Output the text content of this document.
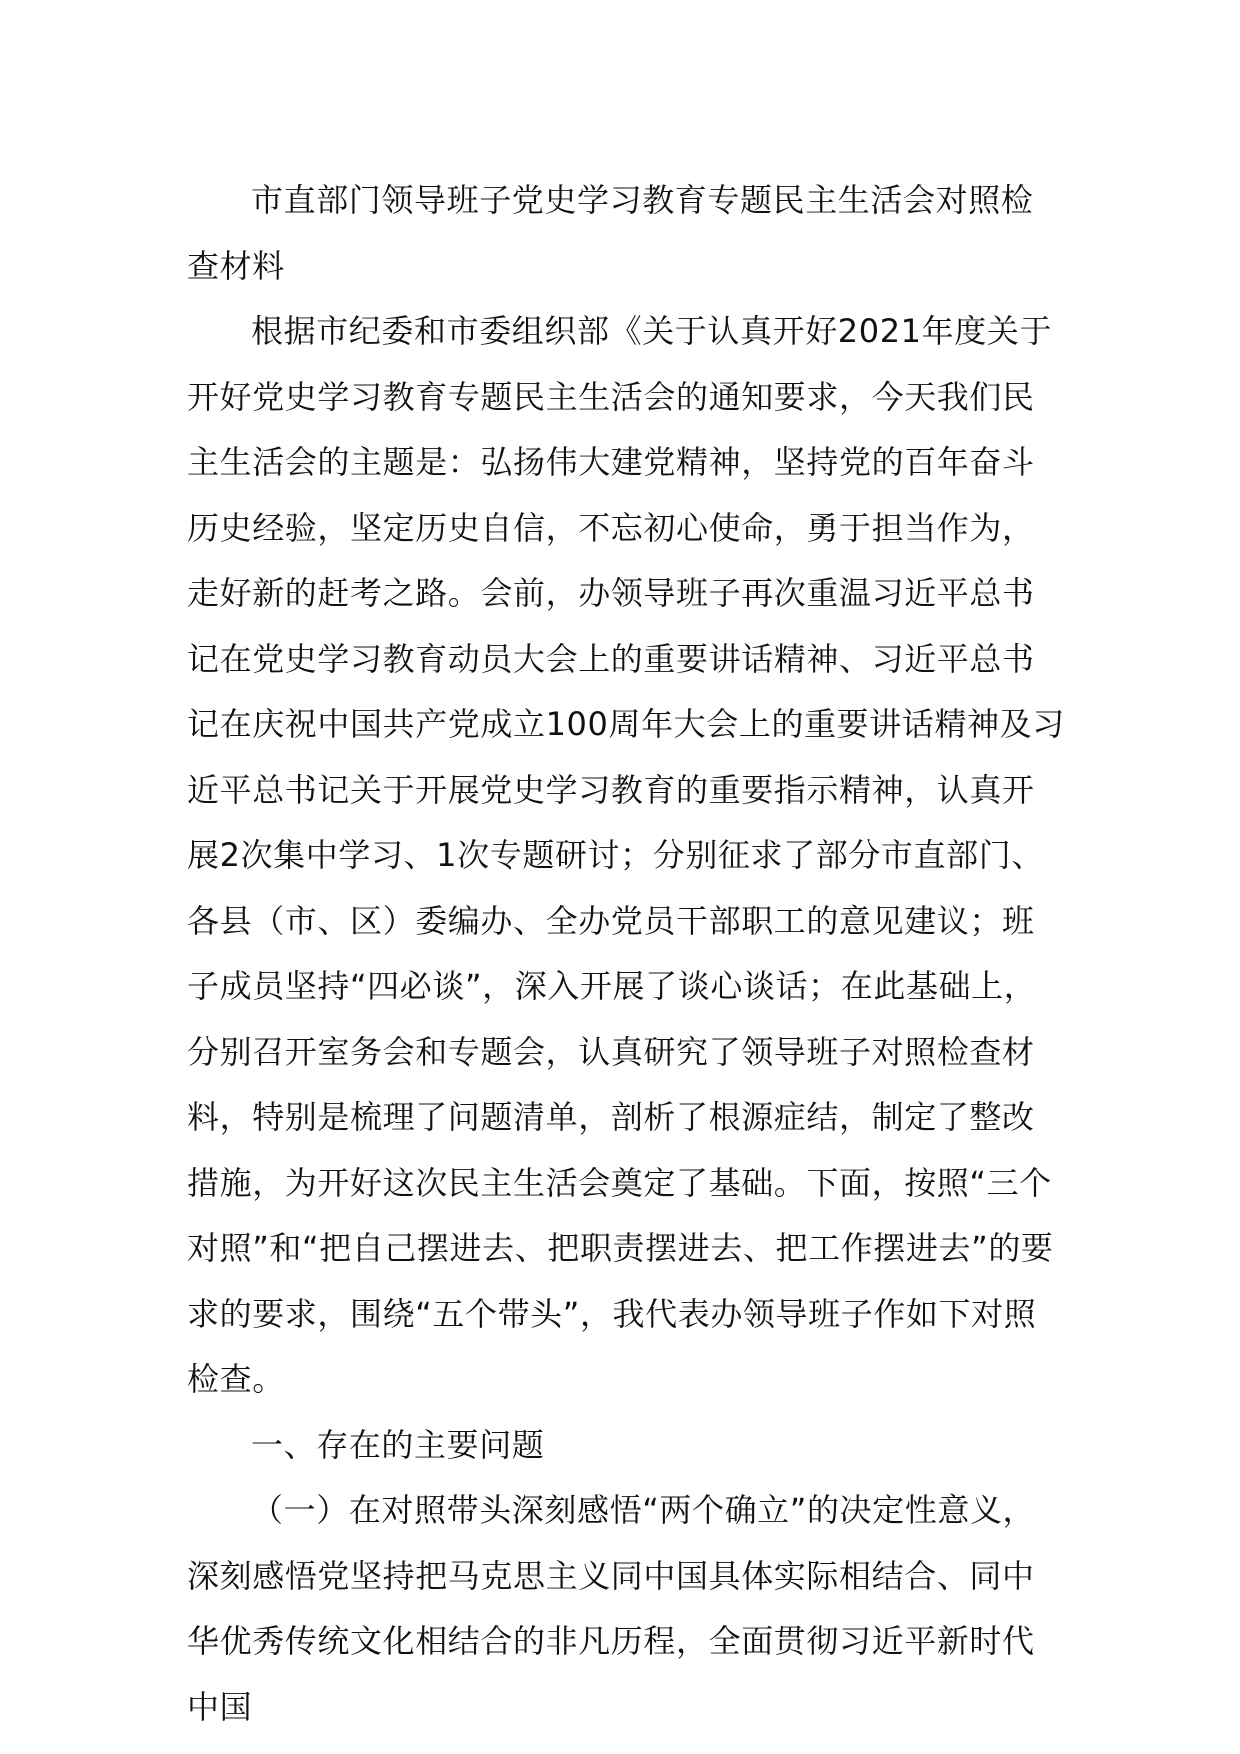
市直部门领导班子党史学习教育专题民主生活会对照检查材料

根据市纪委和市委组织部《关于认真开好2021年度关于开好党史学习教育专题民主生活会的通知要求，今天我们民主生活会的主题是：弘扬伟大建党精神，坚持党的百年奋斗历史经验，坚定历史自信，不忘初心使命，勇于担当作为，走好新的赶考之路。会前，办领导班子再次重温习近平总书记在党史学习教育动员大会上的重要讲话精神、习近平总书记在庆祝中国共产党成立100周年大会上的重要讲话精神及习近平总书记关于开展党史学习教育的重要指示精神，认真开展2次集中学习、1次专题研讨；分别征求了部分市直部门、各县（市、区）委编办、全办党员干部职工的意见建议；班子成员坚持“四必谈”，深入开展了谈心谈话；在此基础上，分别召开室务会和专题会，认真研究了领导班子对照检查材料，特别是梳理了问题清单，剖析了根源症结，制定了整改措施，为开好这次民主生活会奠定了基础。下面，按照“三个对照”和“把自己摆进去、把职责摆进去、把工作摆进去”的要求的要求，围绕“五个带头”，我代表办领导班子作如下对照检查。

一、存在的主要问题

（一）在对照带头深刻感悟“两个确立”的决定性意义，深刻感悟党坚持把马克思主义同中国具体实际相结合、同中华优秀传统文化相结合的非凡历程，全面贯彻习近平新时代中国
